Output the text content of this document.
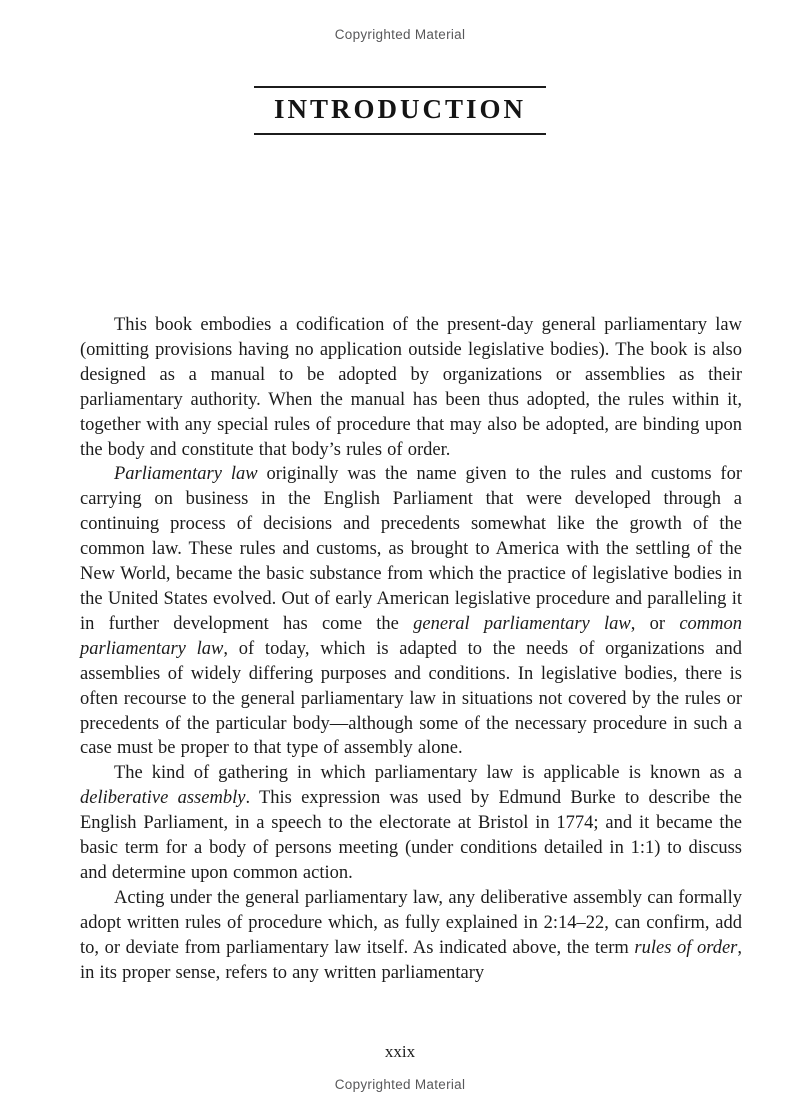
Copyrighted Material
INTRODUCTION

This book embodies a codification of the present-day general parliamentary law (omitting provisions having no application outside legislative bodies). The book is also designed as a manual to be adopted by organizations or assemblies as their parliamentary authority. When the manual has been thus adopted, the rules within it, together with any special rules of procedure that may also be adopted, are binding upon the body and constitute that body’s rules of order.

Parliamentary law originally was the name given to the rules and customs for carrying on business in the English Parliament that were developed through a continuing process of decisions and precedents somewhat like the growth of the common law. These rules and customs, as brought to America with the settling of the New World, became the basic substance from which the practice of legislative bodies in the United States evolved. Out of early American legislative procedure and paralleling it in further development has come the general parliamentary law, or common parliamentary law, of today, which is adapted to the needs of organizations and assemblies of widely differing purposes and conditions. In legislative bodies, there is often recourse to the general parliamentary law in situations not covered by the rules or precedents of the particular body—although some of the necessary procedure in such a case must be proper to that type of assembly alone.

The kind of gathering in which parliamentary law is applicable is known as a deliberative assembly. This expression was used by Edmund Burke to describe the English Parliament, in a speech to the electorate at Bristol in 1774; and it became the basic term for a body of persons meeting (under conditions detailed in 1:1) to discuss and determine upon common action.

Acting under the general parliamentary law, any deliberative assembly can formally adopt written rules of procedure which, as fully explained in 2:14–22, can confirm, add to, or deviate from parliamentary law itself. As indicated above, the term rules of order, in its proper sense, refers to any written parliamentary

xxix
Copyrighted Material
